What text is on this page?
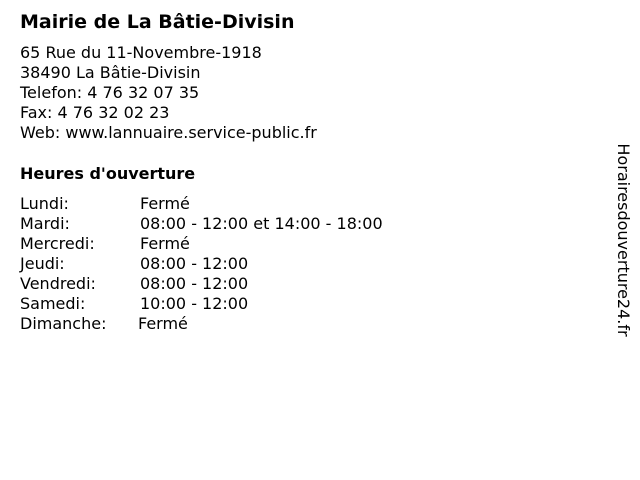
Mairie de La Bâtie-Divisin
65 Rue du 11-Novembre-1918
38490 La Bâtie-Divisin
Telefon: 4 76 32 07 35
Fax: 4 76 32 02 23
Web: www.lannuaire.service-public.fr
Heures d'ouverture
Lundi:	Fermé
Mardi:	08:00 - 12:00 et 14:00 - 18:00
Mercredi:	Fermé
Jeudi:	08:00 - 12:00
Vendredi:	08:00 - 12:00
Samedi:	10:00 - 12:00
Dimanche: Fermé	Horairesdouverture24.fr
